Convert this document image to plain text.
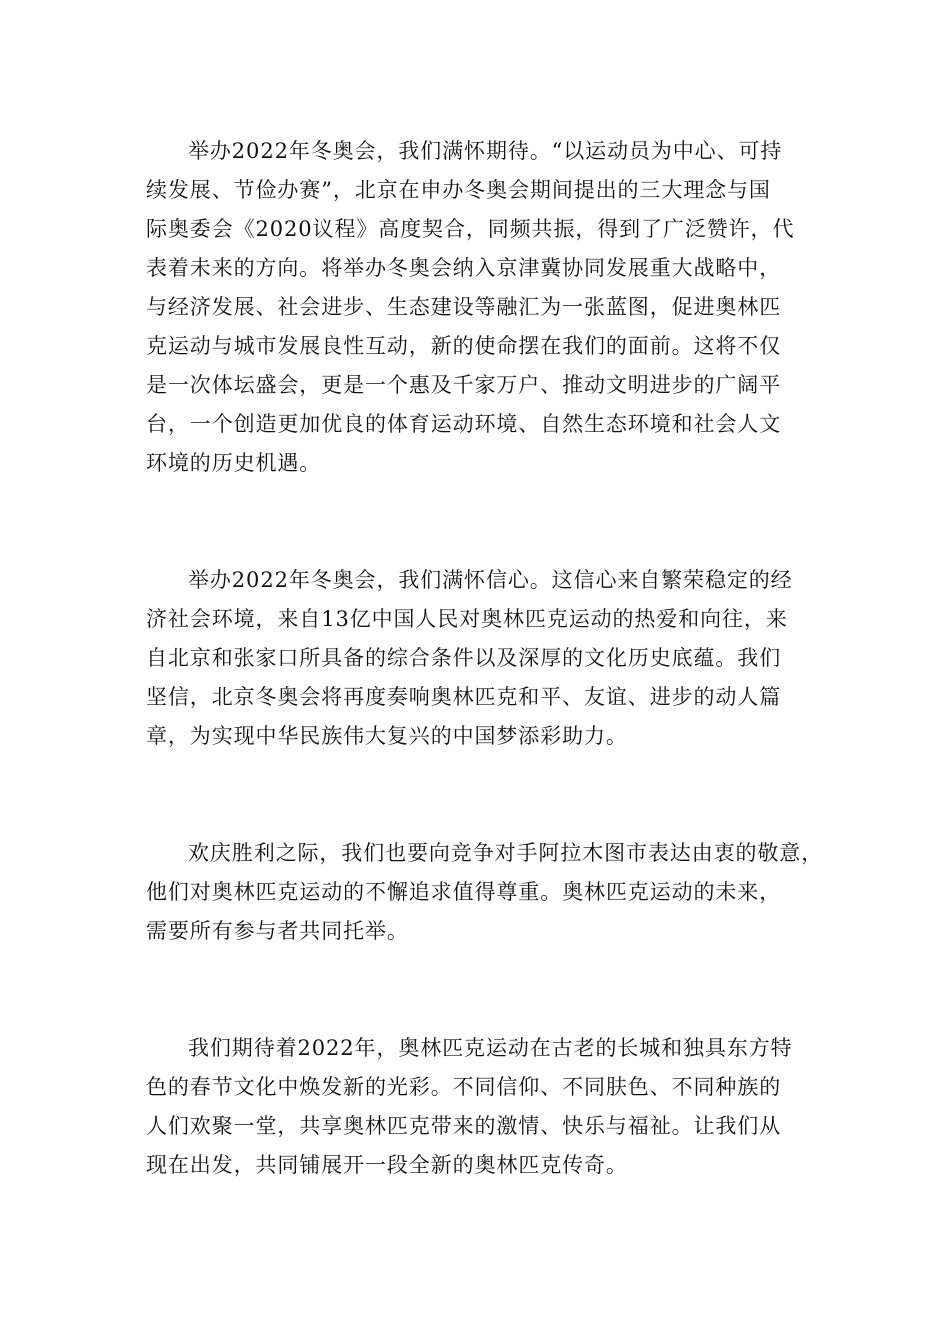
举办2022年冬奥会，我们满怀期待。“以运动员为中心、可持
续发展、节俭办赛”，北京在申办冬奥会期间提出的三大理念与国
际奥委会《2020议程》高度契合，同频共振，得到了广泛赞许，代
表着未来的方向。将举办冬奥会纳入京津冀协同发展重大战略中，
与经济发展、社会进步、生态建设等融汇为一张蓝图，促进奥林匹
克运动与城市发展良性互动，新的使命摆在我们的面前。这将不仅
是一次体坛盛会，更是一个惠及千家万户、推动文明进步的广阔平
台，一个创造更加优良的体育运动环境、自然生态环境和社会人文
环境的历史机遇。
举办2022年冬奥会，我们满怀信心。这信心来自繁荣稳定的经
济社会环境，来自13亿中国人民对奥林匹克运动的热爱和向往，来
自北京和张家口所具备的综合条件以及深厚的文化历史底蕴。我们
坚信，北京冬奥会将再度奏响奥林匹克和平、友谊、进步的动人篇
章，为实现中华民族伟大复兴的中国梦添彩助力。
欢庆胜利之际，我们也要向竞争对手阿拉木图市表达由衷的敬意，
他们对奥林匹克运动的不懈追求值得尊重。奥林匹克运动的未来，
需要所有参与者共同托举。
我们期待着2022年，奥林匹克运动在古老的长城和独具东方特
色的春节文化中焕发新的光彩。不同信仰、不同肤色、不同种族的
人们欢聚一堂，共享奥林匹克带来的激情、快乐与福祉。让我们从
现在出发，共同铺展开一段全新的奥林匹克传奇。
